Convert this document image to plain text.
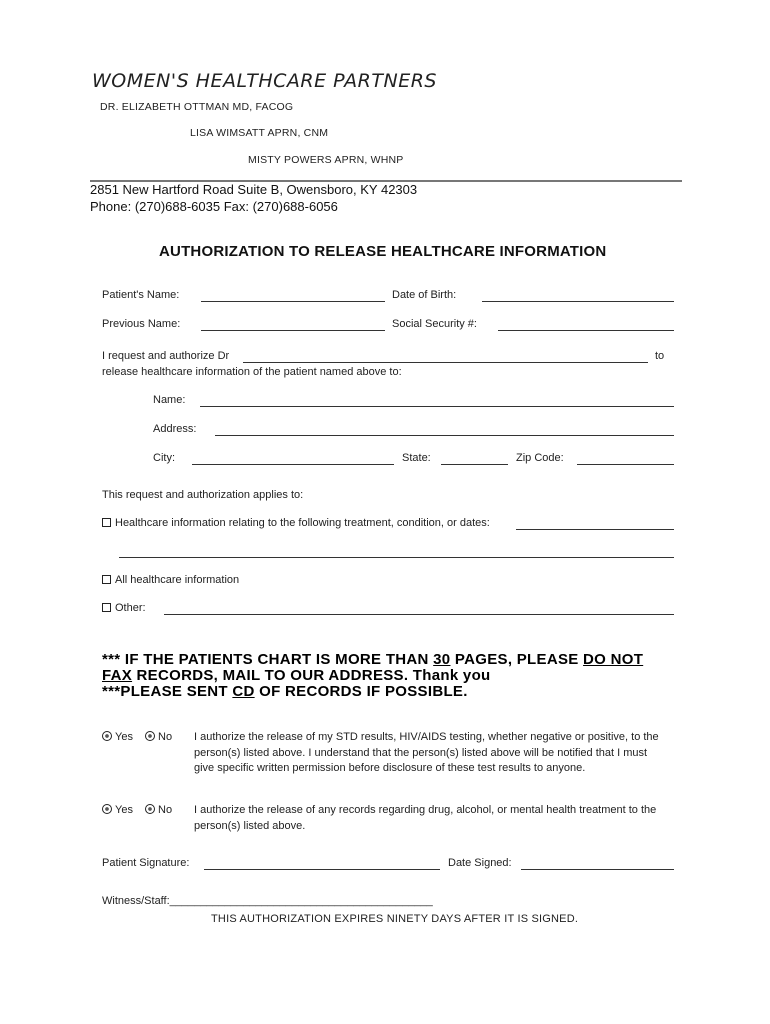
WOMEN'S HEALTHCARE PARTNERS
DR. ELIZABETH OTTMAN MD, FACOG
LISA WIMSATT APRN, CNM
MISTY POWERS APRN, WHNP
2851 New Hartford Road Suite B, Owensboro, KY 42303
Phone: (270)688-6035 Fax: (270)688-6056
AUTHORIZATION TO RELEASE HEALTHCARE INFORMATION
Patient's Name:	Date of Birth:
Previous Name:	Social Security #:
I request and authorize Dr	to
release healthcare information of the patient named above to:
Name:
Address:
City:	State:	Zip Code:
This request and authorization applies to:
Healthcare information relating to the following treatment, condition, or dates:
All healthcare information
Other:
*** IF THE PATIENTS CHART IS MORE THAN 30 PAGES, PLEASE DO NOT
FAX RECORDS, MAIL TO OUR ADDRESS. Thank you
***PLEASE SENT CD OF RECORDS IF POSSIBLE.
Yes	No I authorize the release of my STD results, HIV/AIDS testing, whether negative or positive, to the person(s) listed above. I understand that the person(s) listed above will be notified that I must give specific written permission before disclosure of these test results to anyone.
Yes	No I authorize the release of any records regarding drug, alcohol, or mental health treatment to the person(s) listed above.
Patient Signature:	Date Signed:
Witness/Staff:___________________________________________
THIS AUTHORIZATION EXPIRES NINETY DAYS AFTER IT IS SIGNED.
